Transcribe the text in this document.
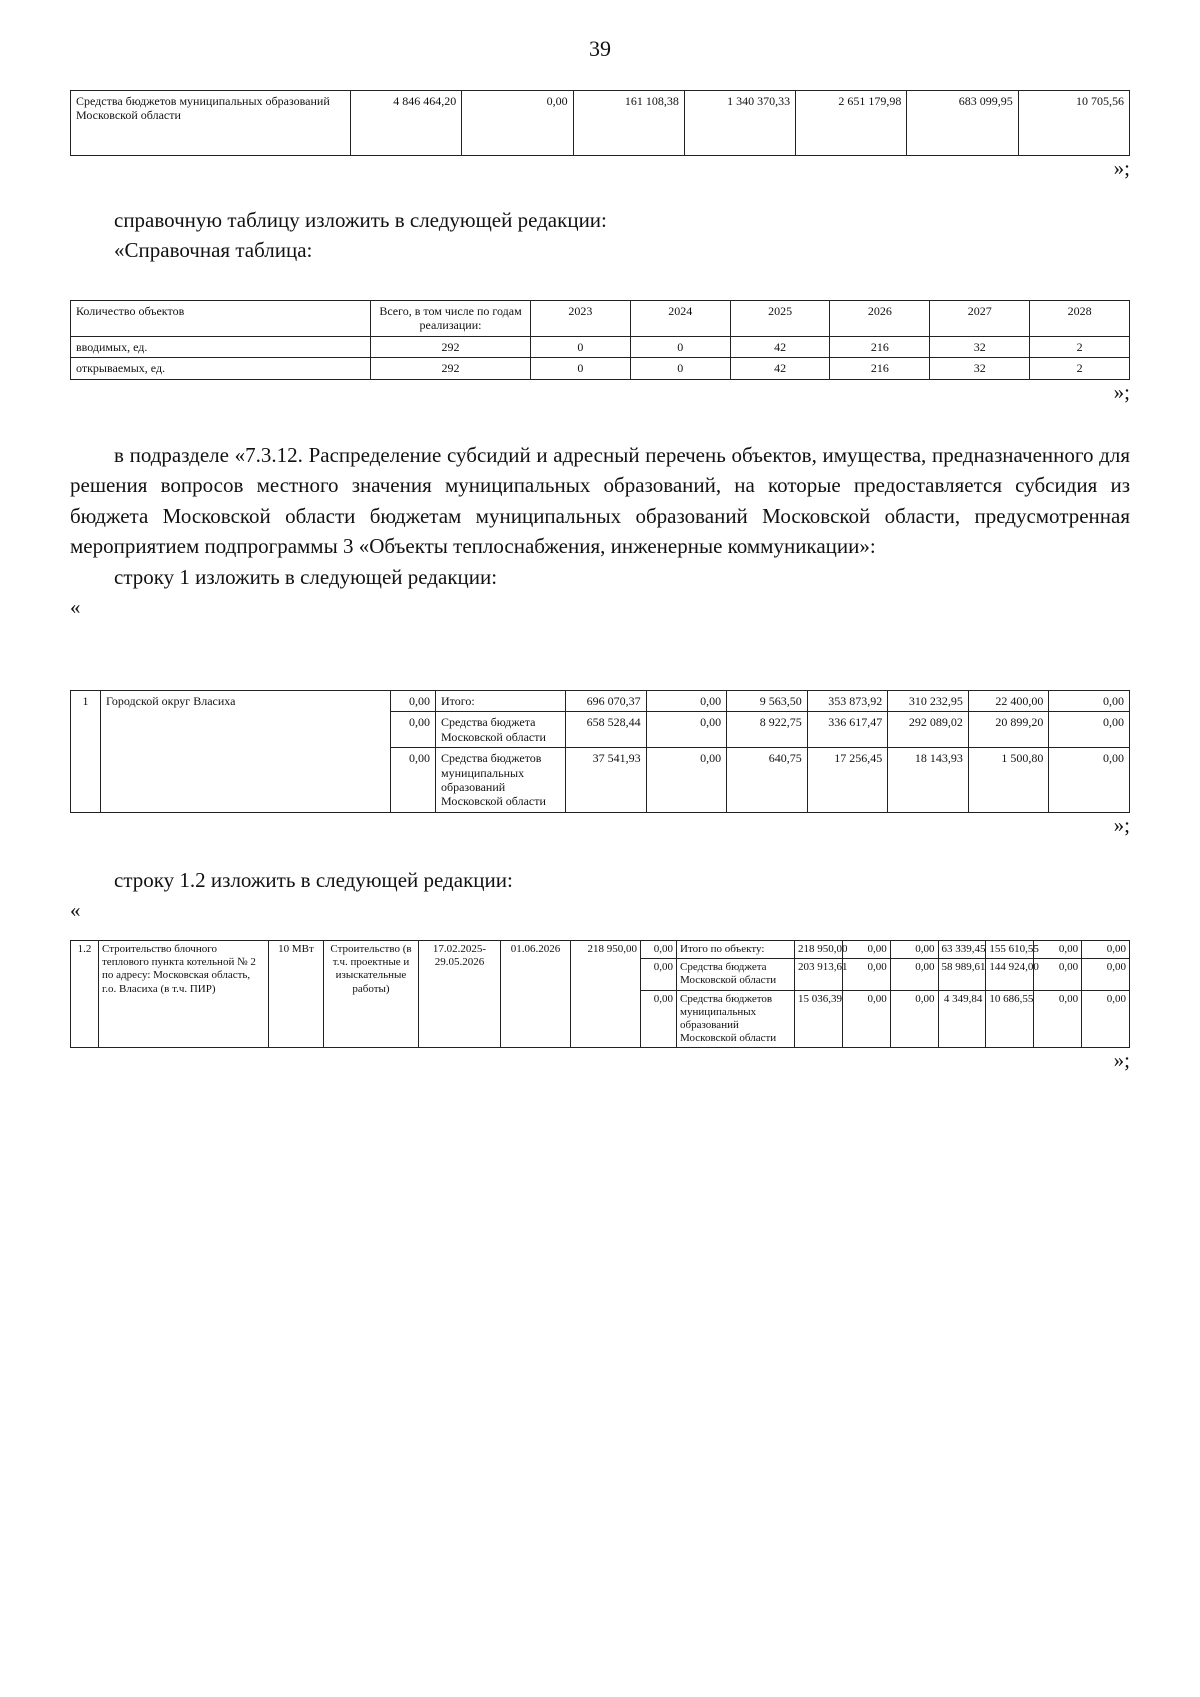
39
Средства бюджетов муниципальных образований Московской области	4 846 464,20	0,00	161 108,38	1 340 370,33	2 651 179,98	683 099,95	10 705,56
»;

справочную таблицу изложить в следующей редакции:

«Справочная таблица:

Количество объектов	Всего, в том числе по годам реализации:	2023	2024	2025	2026	2027	2028
вводимых, ед.	292	0	0	42	216	32	2
открываемых, ед.	292	0	0	42	216	32	2
»;

в подразделе «7.3.12. Распределение субсидий и адресный перечень объектов, имущества, предназначенного для решения вопросов местного значения муниципальных образований, на которые предоставляется субсидия из бюджета Московской области бюджетам муниципальных образований Московской области, предусмотренная мероприятием подпрограммы 3 «Объекты теплоснабжения, инженерные коммуникации»:

строку 1 изложить в следующей редакции:

«

1	Городской округ Власиха	0,00	Итого:	696 070,37	0,00	9 563,50	353 873,92	310 232,95	22 400,00	0,00
		0,00	Средства бюджета Московской области	658 528,44	0,00	8 922,75	336 617,47	292 089,02	20 899,20	0,00
		0,00	Средства бюджетов муниципальных образований Московской области	37 541,93	0,00	640,75	17 256,45	18 143,93	1 500,80	0,00
»;

строку 1.2 изложить в следующей редакции:

«

1.2	Строительство блочного теплового пункта котельной № 2 по адресу: Московская область, г.о. Власиха (в т.ч. ПИР)	10 МВт	Строительство (в т.ч. проектные и изыскательные работы)	17.02.2025-29.05.2026	01.06.2026	218 950,00	0,00	Итого по объекту:	218 950,00	0,00	0,00	63 339,45	155 610,55	0,00	0,00
							0,00	Средства бюджета Московской области	203 913,61	0,00	0,00	58 989,61	144 924,00	0,00	0,00
							0,00	Средства бюджетов муниципальных образований Московской области	15 036,39	0,00	0,00	4 349,84	10 686,55	0,00	0,00
»;
